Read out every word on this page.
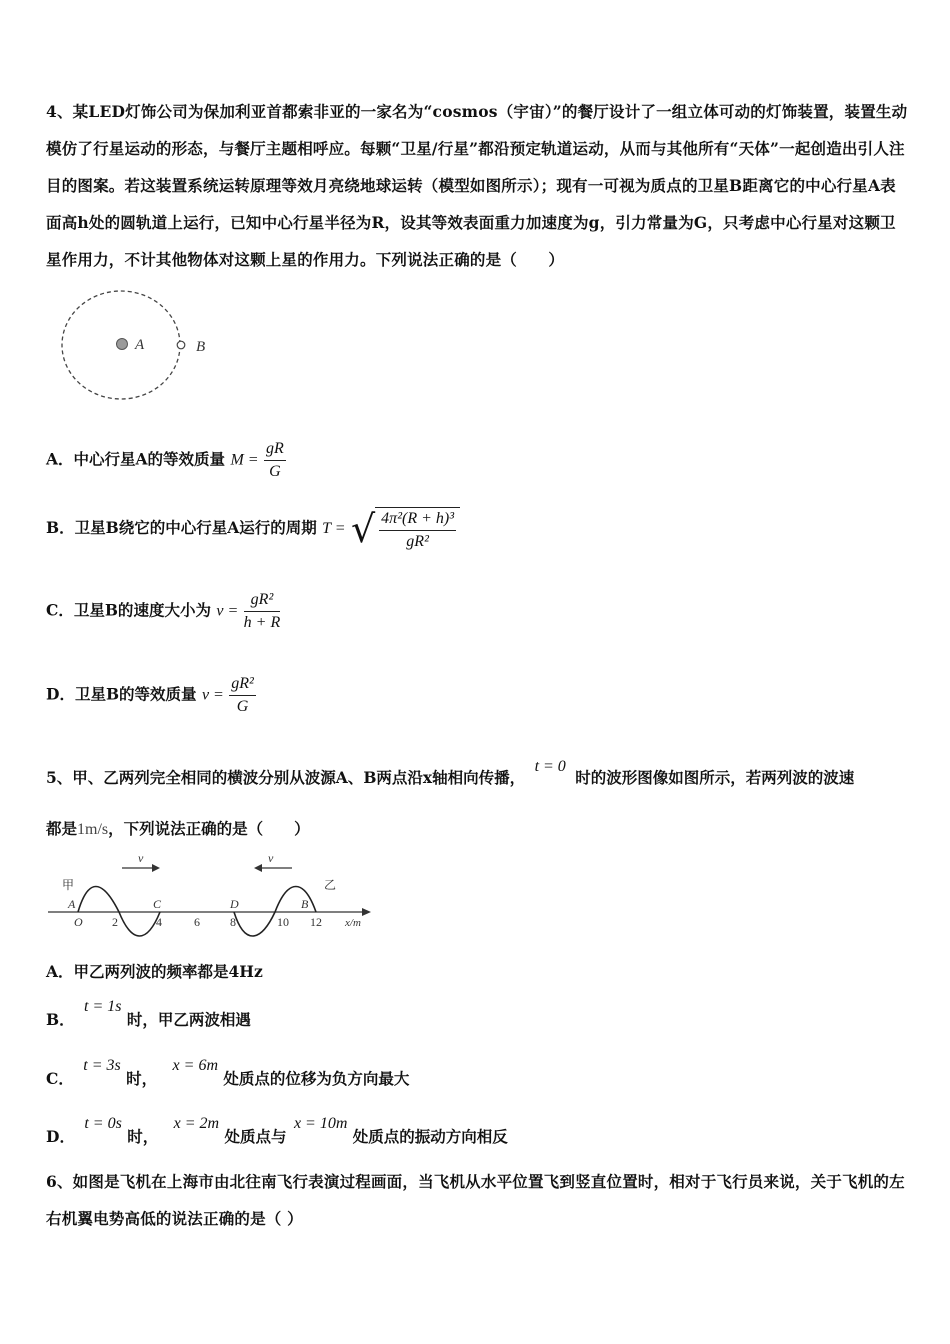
4、某LED灯饰公司为保加利亚首都索非亚的一家名为“cosmos（宇宙）”的餐厅设计了一组立体可动的灯饰装置，装置生动模仿了行星运动的形态，与餐厅主题相呼应。每颗“卫星/行星”都沿预定轨道运动，从而与其他所有“天体”一起创造出引人注目的图案。若这装置系统运转原理等效月亮绕地球运转（模型如图所示）；现有一可视为质点的卫星B距离它的中心行星A表面高h处的圆轨道上运行，已知中心行星半径为R，设其等效表面重力加速度为g，引力常量为G，只考虑中心行星对这颗卫星作用力，不计其他物体对这颗上星的作用力。下列说法正确的是（　　）
A	B
A．中心行星A的等效质量 $M = \frac{gR}{G}$
B．卫星B绕它的中心行星A运行的周期 T = √ $\frac{\text{4π²(R + h)³}}{\text{gR²}}$
C．卫星B的速度大小为 $v = \frac{\text{gR²}}{h + R}$
D．卫星B的等效质量 $v = \frac{\text{gR²}}{G}$
5、甲、乙两列完全相同的横波分别从波源A、B两点沿x轴相向传播， t = 0 时的波形图像如图所示，若两列波的波速
都是1m/s，下列说法正确的是（　　）
v	v
甲	乙
A	C	D	B
O 2	4	6	8	10 12 x/m
A．甲乙两列波的频率都是4Hz
B． t = 1s 时，甲乙两波相遇
C． t = 3s 时， x = 6m 处质点的位移为负方向最大
D． t = 0s 时， x = 2m 处质点与 x = 10m 处质点的振动方向相反
6、如图是飞机在上海市由北往南飞行表演过程画面，当飞机从水平位置飞到竖直位置时，相对于飞行员来说，关于飞机的左右机翼电势高低的说法正确的是（ ）
